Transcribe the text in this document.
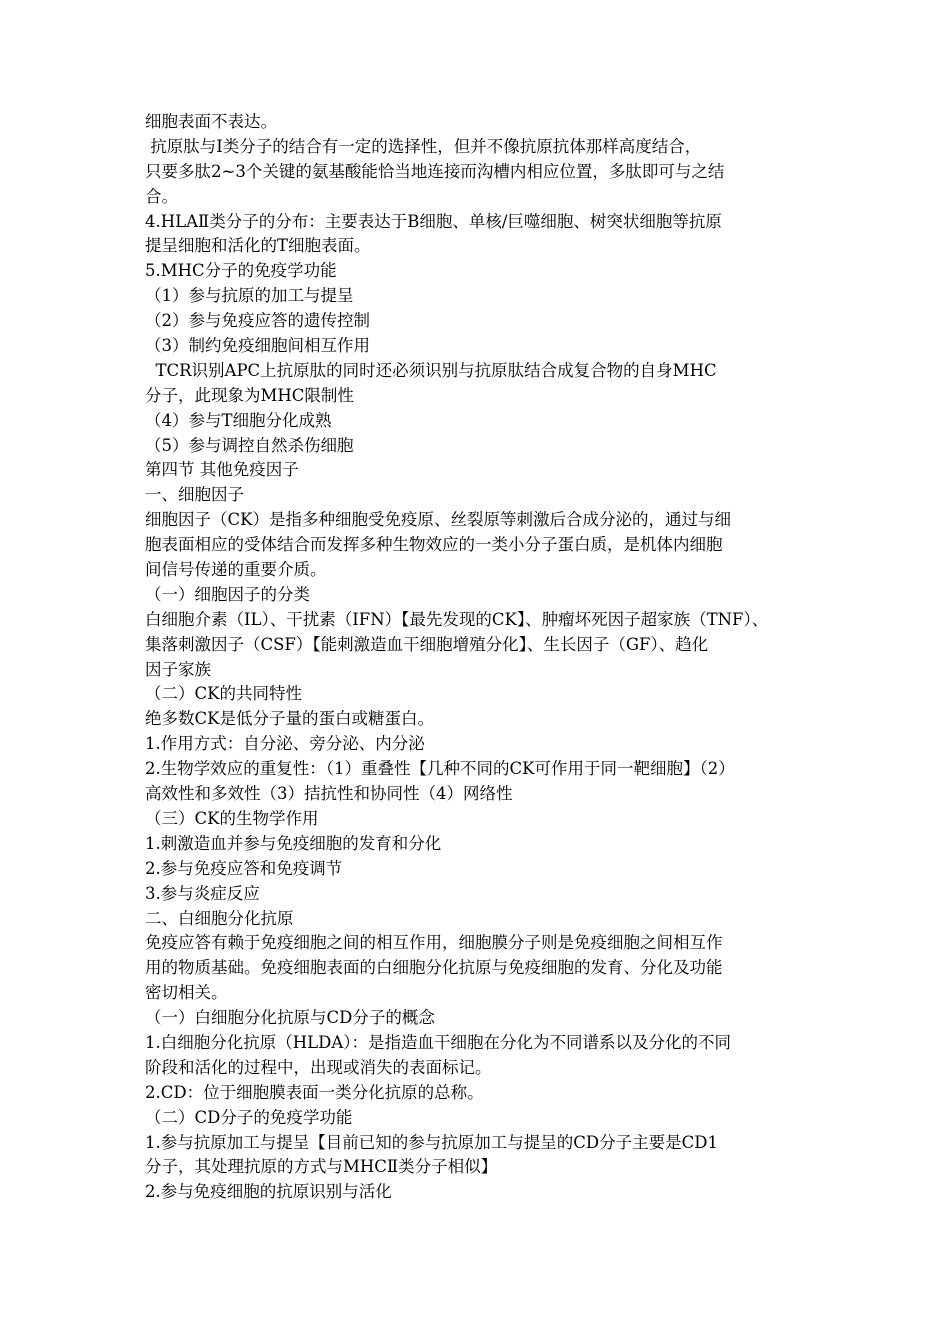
细胞表面不表达。
抗原肽与Ⅰ类分子的结合有一定的选择性，但并不像抗原抗体那样高度结合，
只要多肽2~3个关键的氨基酸能恰当地连接而沟槽内相应位置，多肽即可与之结
合。
4.HLAⅡ类分子的分布：主要表达于B细胞、单核/巨噬细胞、树突状细胞等抗原
提呈细胞和活化的T细胞表面。
5.MHC分子的免疫学功能
（1）参与抗原的加工与提呈
（2）参与免疫应答的遗传控制
（3）制约免疫细胞间相互作用
TCR识别APC上抗原肽的同时还必须识别与抗原肽结合成复合物的自身MHC
分子，此现象为MHC限制性
（4）参与T细胞分化成熟
（5）参与调控自然杀伤细胞
第四节 其他免疫因子
一、细胞因子
细胞因子（CK）是指多种细胞受免疫原、丝裂原等刺激后合成分泌的，通过与细
胞表面相应的受体结合而发挥多种生物效应的一类小分子蛋白质，是机体内细胞
间信号传递的重要介质。
（一）细胞因子的分类
白细胞介素（IL）、干扰素（IFN）【最先发现的CK】、肿瘤坏死因子超家族（TNF）、
集落刺激因子（CSF）【能刺激造血干细胞增殖分化】、生长因子（GF）、趋化
因子家族
（二）CK的共同特性
绝多数CK是低分子量的蛋白或糖蛋白。
1.作用方式：自分泌、旁分泌、内分泌
2.生物学效应的重复性：（1）重叠性【几种不同的CK可作用于同一靶细胞】（2）
高效性和多效性（3）拮抗性和协同性（4）网络性
（三）CK的生物学作用
1.刺激造血并参与免疫细胞的发育和分化
2.参与免疫应答和免疫调节
3.参与炎症反应
二、白细胞分化抗原
免疫应答有赖于免疫细胞之间的相互作用，细胞膜分子则是免疫细胞之间相互作
用的物质基础。免疫细胞表面的白细胞分化抗原与免疫细胞的发育、分化及功能
密切相关。
（一）白细胞分化抗原与CD分子的概念
1.白细胞分化抗原（HLDA）：是指造血干细胞在分化为不同谱系以及分化的不同
阶段和活化的过程中，出现或消失的表面标记。
2.CD：位于细胞膜表面一类分化抗原的总称。
（二）CD分子的免疫学功能
1.参与抗原加工与提呈【目前已知的参与抗原加工与提呈的CD分子主要是CD1
分子，其处理抗原的方式与MHCⅡ类分子相似】
2.参与免疫细胞的抗原识别与活化
